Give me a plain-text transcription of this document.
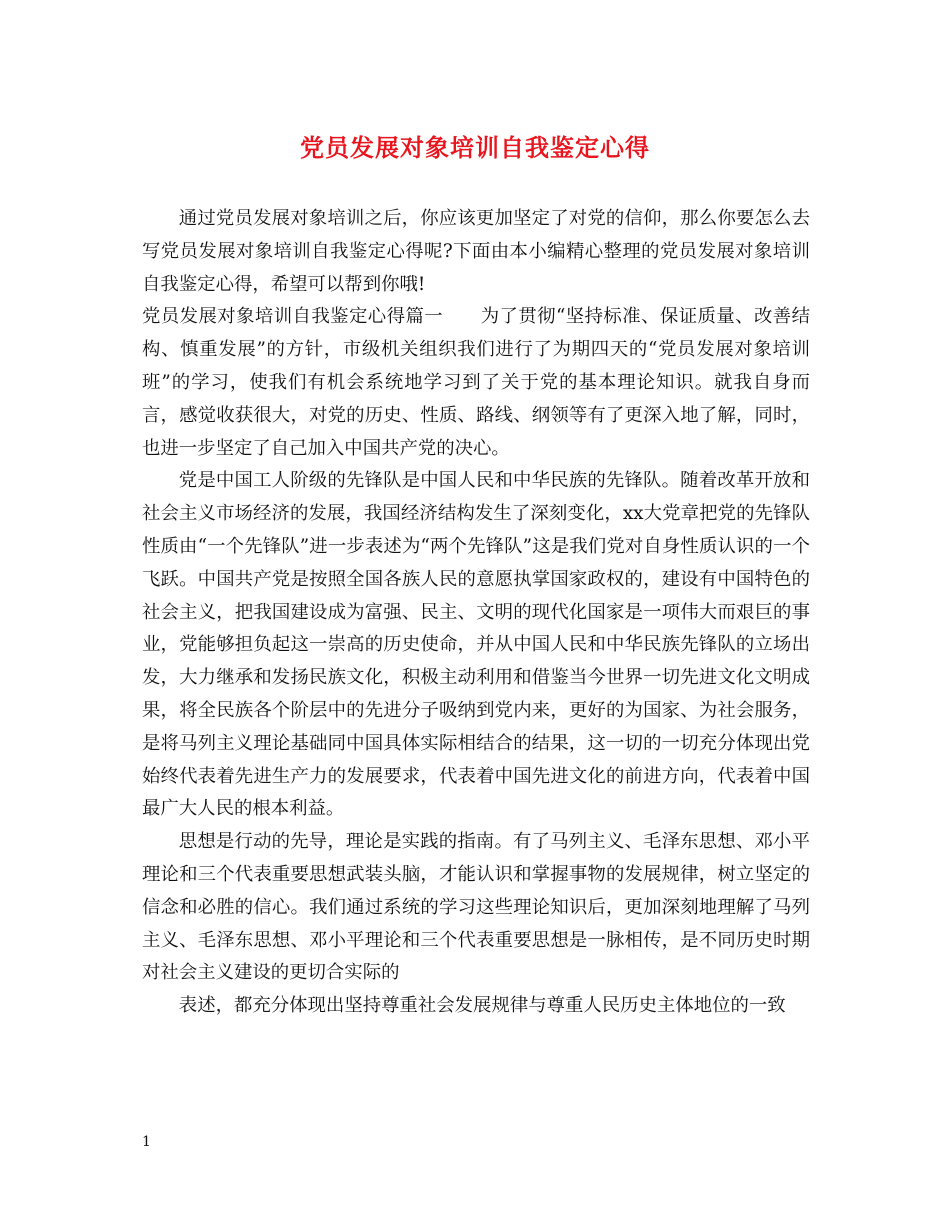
党员发展对象培训自我鉴定心得

通过党员发展对象培训之后，你应该更加坚定了对党的信仰，那么你要怎么去写党员发展对象培训自我鉴定心得呢?下面由本小编精心整理的党员发展对象培训自我鉴定心得，希望可以帮到你哦!

党员发展对象培训自我鉴定心得篇一　　为了贯彻“坚持标准、保证质量、改善结构、慎重发展”的方针，市级机关组织我们进行了为期四天的“党员发展对象培训班”的学习，使我们有机会系统地学习到了关于党的基本理论知识。就我自身而言，感觉收获很大，对党的历史、性质、路线、纲领等有了更深入地了解，同时，也进一步坚定了自己加入中国共产党的决心。

党是中国工人阶级的先锋队是中国人民和中华民族的先锋队。随着改革开放和社会主义市场经济的发展，我国经济结构发生了深刻变化，xx大党章把党的先锋队性质由“一个先锋队”进一步表述为“两个先锋队”这是我们党对自身性质认识的一个飞跃。中国共产党是按照全国各族人民的意愿执掌国家政权的，建设有中国特色的社会主义，把我国建设成为富强、民主、文明的现代化国家是一项伟大而艰巨的事业，党能够担负起这一崇高的历史使命，并从中国人民和中华民族先锋队的立场出发，大力继承和发扬民族文化，积极主动利用和借鉴当今世界一切先进文化文明成果，将全民族各个阶层中的先进分子吸纳到党内来，更好的为国家、为社会服务，是将马列主义理论基础同中国具体实际相结合的结果，这一切的一切充分体现出党始终代表着先进生产力的发展要求，代表着中国先进文化的前进方向，代表着中国最广大人民的根本利益。

思想是行动的先导，理论是实践的指南。有了马列主义、毛泽东思想、邓小平理论和三个代表重要思想武装头脑，才能认识和掌握事物的发展规律，树立坚定的信念和必胜的信心。我们通过系统的学习这些理论知识后，更加深刻地理解了马列主义、毛泽东思想、邓小平理论和三个代表重要思想是一脉相传，是不同历史时期对社会主义建设的更切合实际的

表述，都充分体现出坚持尊重社会发展规律与尊重人民历史主体地位的一致

1
